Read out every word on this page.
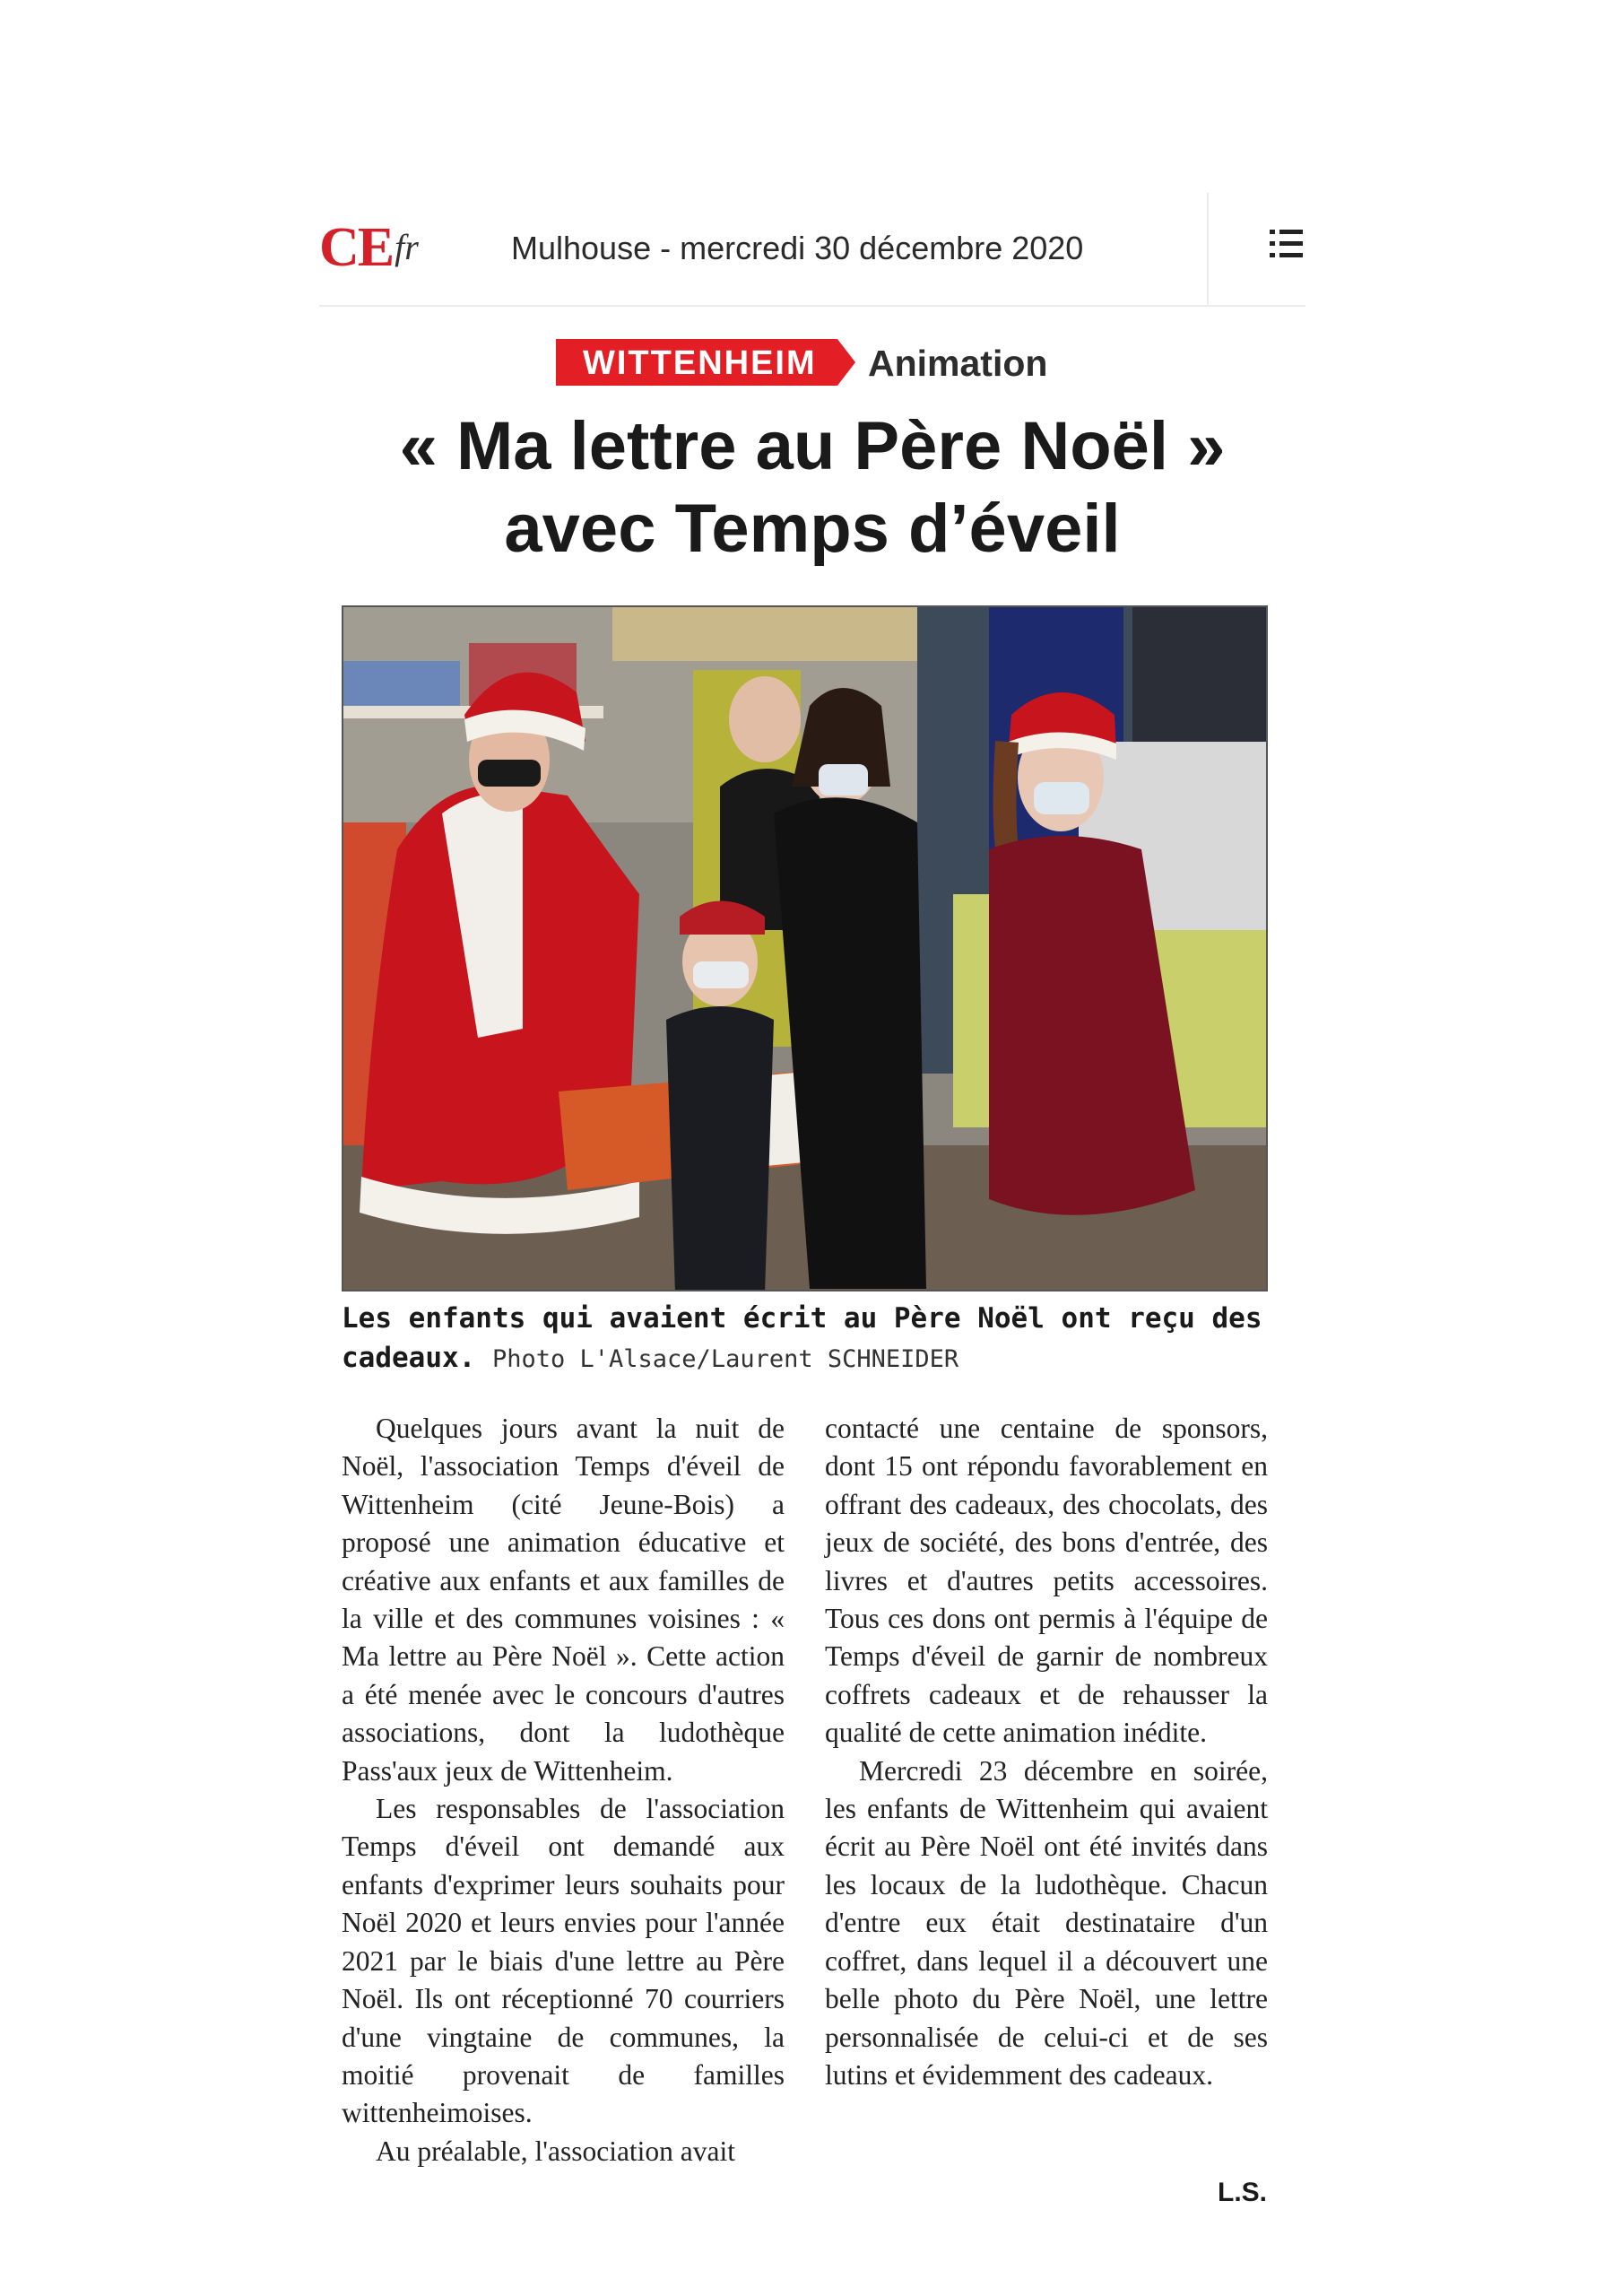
$CE^{fr}$	Mulhouse - mercredi 30 décembre 2020
WITTENHEIM Animation
« Ma lettre au Père Noël »
avec Temps d’éveil
Les enfants qui avaient écrit au Père Noël ont reçu des cadeaux. Photo L'Alsace/Laurent SCHNEIDER

Quelques jours avant la nuit de Noël, l'association Temps d'éveil de Wittenheim (cité Jeune-Bois) a proposé une animation éducative et créative aux enfants et aux familles de la ville et des communes voisines : « Ma lettre au Père Noël ». Cette action a été menée avec le concours d'autres associations, dont la ludothèque Pass'aux jeux de Wittenheim.

Les responsables de l'association Temps d'éveil ont demandé aux enfants d'exprimer leurs souhaits pour Noël 2020 et leurs envies pour l'année 2021 par le biais d'une lettre au Père Noël. Ils ont réceptionné 70 courriers d'une vingtaine de communes, la moitié provenait de familles wittenheimoises.

Au préalable, l'association avait

contacté une centaine de sponsors, dont 15 ont répondu favorablement en offrant des cadeaux, des chocolats, des jeux de société, des bons d'entrée, des livres et d'autres petits accessoires. Tous ces dons ont permis à l'équipe de Temps d'éveil de garnir de nombreux coffrets cadeaux et de rehausser la qualité de cette animation inédite.

Mercredi 23 décembre en soirée, les enfants de Wittenheim qui avaient écrit au Père Noël ont été invités dans les locaux de la ludothèque. Chacun d'entre eux était destinataire d'un coffret, dans lequel il a découvert une belle photo du Père Noël, une lettre personnalisée de celui-ci et de ses lutins et évidemment des cadeaux.

L.S.
